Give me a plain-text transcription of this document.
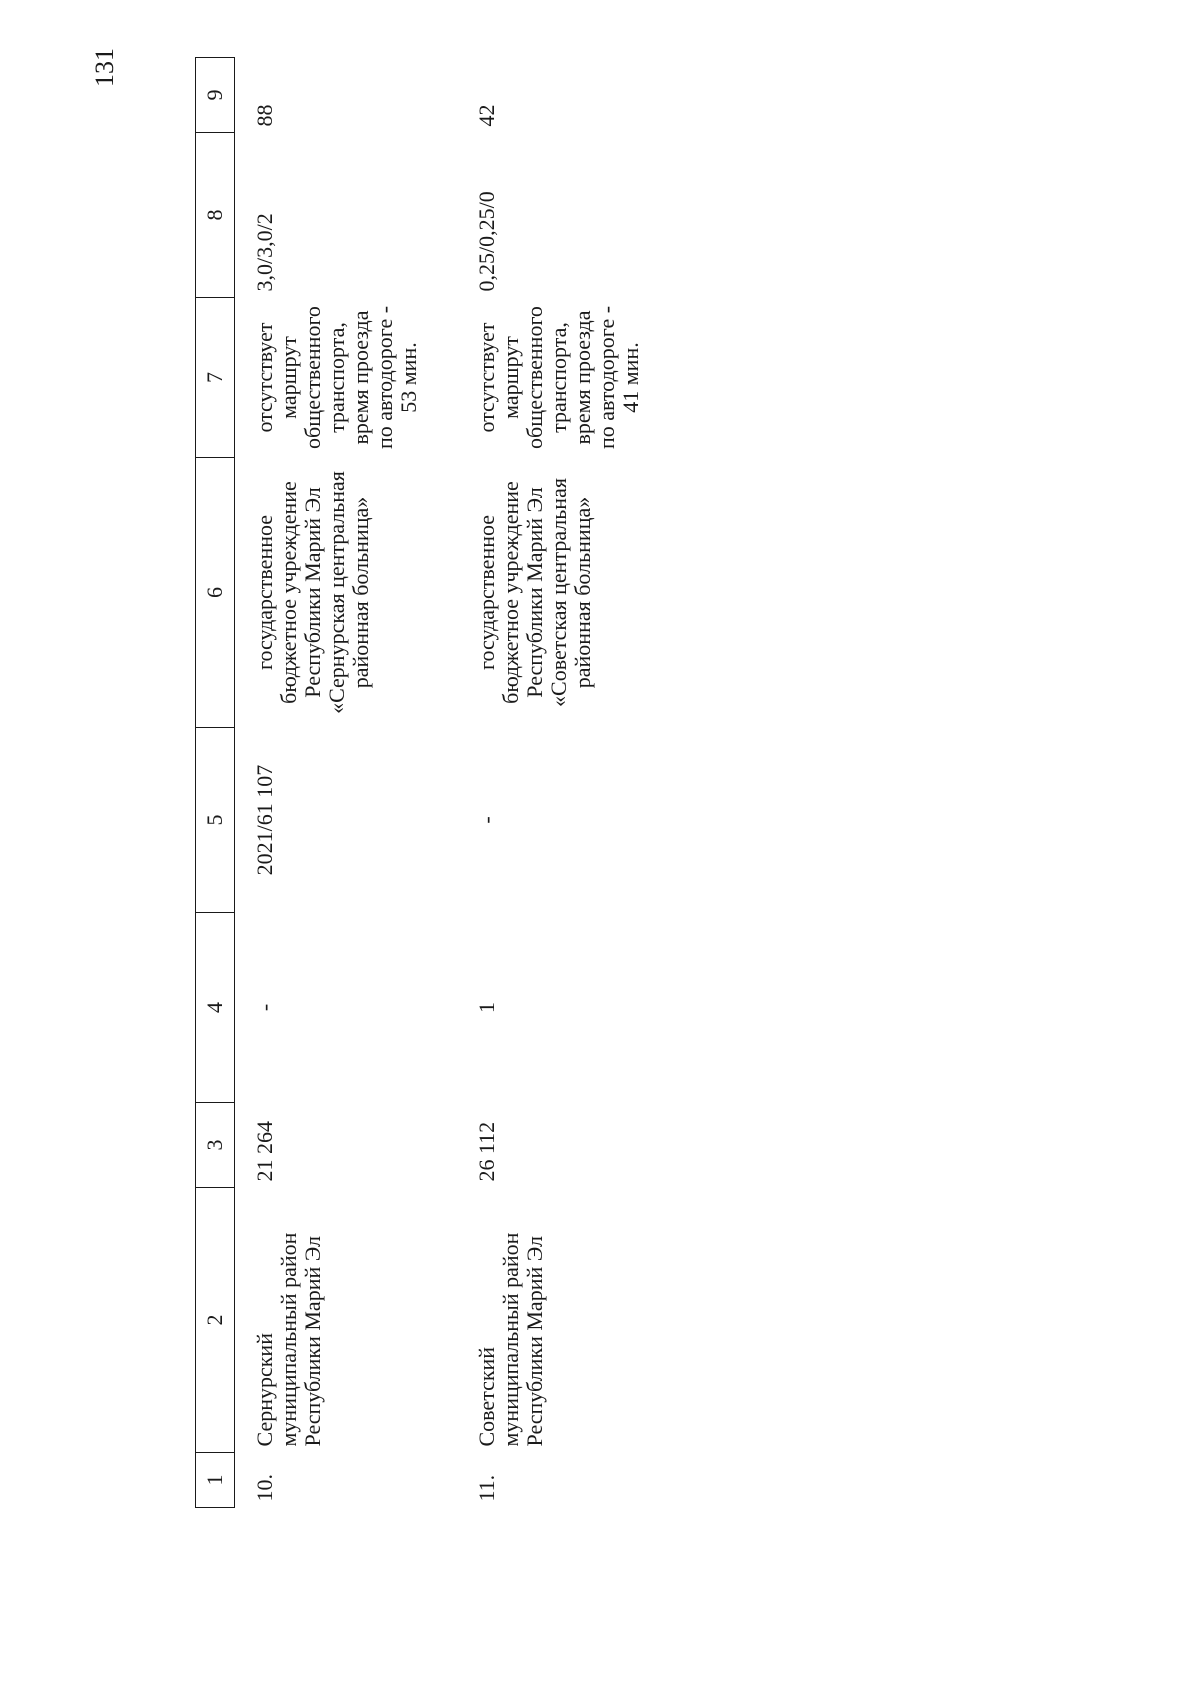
131
1	2	3	4	5	6	7	8	9
10.	Сернурский муниципальный район Республики Марий Эл	21 264	-	2021/61 107	государственное бюджетное учреждение Республики Марий Эл «Сернурская центральная районная больница»	отсутствует маршрут общественного транспорта, время проезда по автодороге - 53 мин.	3,0/3,0/2	88
11.	Советский муниципальный район Республики Марий Эл	26 112	1	-	государственное бюджетное учреждение Республики Марий Эл «Советская центральная районная больница»	отсутствует маршрут общественного транспорта, время проезда по автодороге - 41 мин.	0,25/0,25/0	42
